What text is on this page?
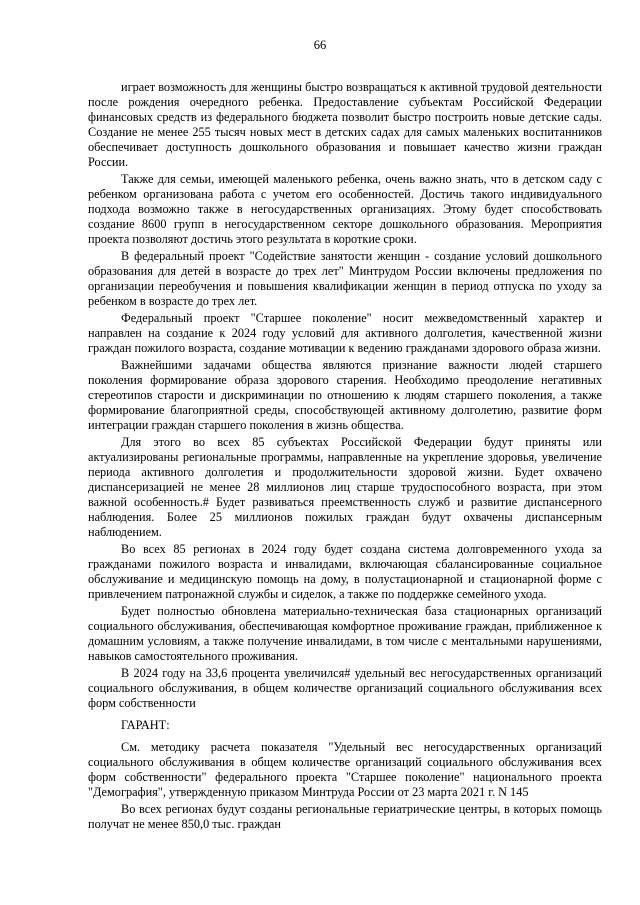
66

играет возможность для женщины быстро возвращаться к активной трудовой деятельности после рождения очередного ребенка. Предоставление субъектам Российской Федерации финансовых средств из федерального бюджета позволит быстро построить новые детские сады. Создание не менее 255 тысяч новых мест в детских садах для самых маленьких воспитанников обеспечивает доступность дошкольного образования и повышает качество жизни граждан России.

Также для семьи, имеющей маленького ребенка, очень важно знать, что в детском саду с ребенком организована работа с учетом его особенностей. Достичь такого индивидуального подхода возможно также в негосударственных организациях. Этому будет способствовать создание 8600 групп в негосударственном секторе дошкольного образования. Мероприятия проекта позволяют достичь этого результата в короткие сроки.

В федеральный проект "Содействие занятости женщин - создание условий дошкольного образования для детей в возрасте до трех лет" Минтрудом России включены предложения по организации переобучения и повышения квалификации женщин в период отпуска по уходу за ребенком в возрасте до трех лет.

Федеральный проект "Старшее поколение" носит межведомственный характер и направлен на создание к 2024 году условий для активного долголетия, качественной жизни граждан пожилого возраста, создание мотивации к ведению гражданами здорового образа жизни.

Важнейшими задачами общества являются признание важности людей старшего поколения формирование образа здорового старения. Необходимо преодоление негативных стереотипов старости и дискриминации по отношению к людям старшего поколения, а также формирование благоприятной среды, способствующей активному долголетию, развитие форм интеграции граждан старшего поколения в жизнь общества.

Для этого во всех 85 субъектах Российской Федерации будут приняты или актуализированы региональные программы, направленные на укрепление здоровья, увеличение периода активного долголетия и продолжительности здоровой жизни. Будет охвачено диспансеризацией не менее 28 миллионов лиц старше трудоспособного возраста, при этом важной особенность.# Будет развиваться преемственность служб и развитие диспансерного наблюдения. Более 25 миллионов пожилых граждан будут охвачены диспансерным наблюдением.

Во всех 85 регионах в 2024 году будет создана система долговременного ухода за гражданами пожилого возраста и инвалидами, включающая сбалансированные социальное обслуживание и медицинскую помощь на дому, в полустационарной и стационарной форме с привлечением патронажной службы и сиделок, а также по поддержке семейного ухода.

Будет полностью обновлена материально-техническая база стационарных организаций социального обслуживания, обеспечивающая комфортное проживание граждан, приближенное к домашним условиям, а также получение инвалидами, в том числе с ментальными нарушениями, навыков самостоятельного проживания.

В 2024 году на 33,6 процента увеличился# удельный вес негосударственных организаций социального обслуживания, в общем количестве организаций социального обслуживания всех форм собственности

ГАРАНТ:

См. методику расчета показателя "Удельный вес негосударственных организаций социального обслуживания в общем количестве организаций социального обслуживания всех форм собственности" федерального проекта "Старшее поколение" национального проекта "Демография", утвержденную приказом Минтруда России от 23 марта 2021 г. N 145

Во всех регионах будут созданы региональные гериатрические центры, в которых помощь получат не менее 850,0 тыс. граждан
